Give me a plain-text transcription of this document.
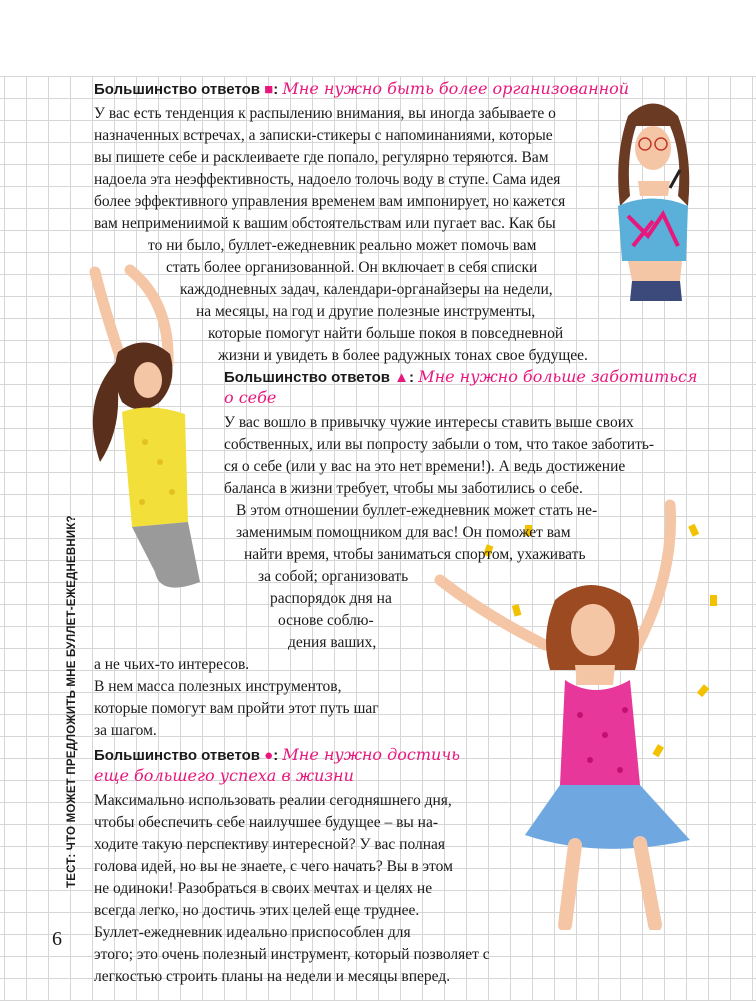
Большинство ответов ■: Мне нужно быть более организованной
У вас есть тенденция к распылению внимания, вы иногда забываете о
назначенных встречах, а записки-стикеры с напоминаниями, которые
вы пишете себе и расклеиваете где попало, регулярно теряются. Вам
надоела эта неэффективность, надоело толочь воду в ступе. Сама идея
более эффективного управления временем вам импонирует, но кажется
вам непримениимой к вашим обстоятельствам или пугает вас. Как бы
то ни было, буллет-ежедневник реально может помочь вам
стать более организованной. Он включает в себя списки
каждодневных задач, календари-органайзеры на недели,
на месяцы, на год и другие полезные инструменты,
которые помогут найти больше покоя в повседневной
жизни и увидеть в более радужных тонах свое будущее.
Большинство ответов ▲: Мне нужно больше заботиться
о себе
У вас вошло в привычку чужие интересы ставить выше своих
собственных, или вы попросту забыли о том, что такое заботить-
ся о себе (или у вас на это нет времени!). А ведь достижение
баланса в жизни требует, чтобы мы заботились о себе.
В этом отношении буллет-ежедневник может стать не-
заменимым помощником для вас! Он поможет вам
найти время, чтобы заниматься спортом, ухаживать
за собой; организовать
распорядок дня на
основе соблю-
дения ваших,
а не чьих-то интересов.
В нем масса полезных инструментов,
которые помогут вам пройти этот путь шаг
за шагом.
Большинство ответов ●: Мне нужно достичь
еще большего успеха в жизни
Максимально использовать реалии сегодняшнего дня,
чтобы обеспечить себе наилучшее будущее – вы на-
ходите такую перспективу интересной? У вас полная
голова идей, но вы не знаете, с чего начать? Вы в этом
не одиноки! Разобраться в своих мечтах и целях не
всегда легко, но достичь этих целей еще труднее.
Буллет-ежедневник идеально приспособлен для
этого; это очень полезный инструмент, который позволяет с
легкостью строить планы на недели и месяцы вперед.
ТЕСТ: ЧТО МОЖЕТ ПРЕДЛОЖИТЬ МНЕ БУЛЛЕТ-ЕЖЕДНЕВНИК?
6
